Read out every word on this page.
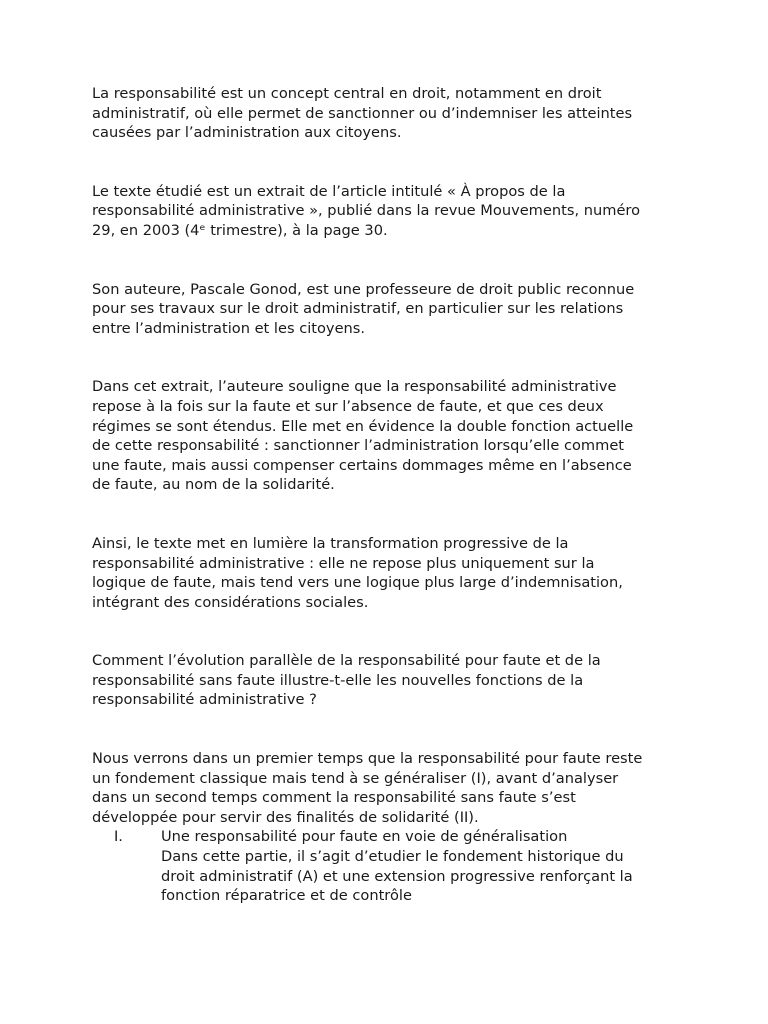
La responsabilité est un concept central en droit, notamment en droit
administratif, où elle permet de sanctionner ou d’indemniser les atteintes
causées par l’administration aux citoyens.

Le texte étudié est un extrait de l’article intitulé « À propos de la
responsabilité administrative », publié dans la revue Mouvements, numéro
29, en 2003 (4ᵉ trimestre), à la page 30.

Son auteure, Pascale Gonod, est une professeure de droit public reconnue
pour ses travaux sur le droit administratif, en particulier sur les relations
entre l’administration et les citoyens.

Dans cet extrait, l’auteure souligne que la responsabilité administrative
repose à la fois sur la faute et sur l’absence de faute, et que ces deux
régimes se sont étendus. Elle met en évidence la double fonction actuelle
de cette responsabilité : sanctionner l’administration lorsqu’elle commet
une faute, mais aussi compenser certains dommages même en l’absence
de faute, au nom de la solidarité.

Ainsi, le texte met en lumière la transformation progressive de la
responsabilité administrative : elle ne repose plus uniquement sur la
logique de faute, mais tend vers une logique plus large d’indemnisation,
intégrant des considérations sociales.

Comment l’évolution parallèle de la responsabilité pour faute et de la
responsabilité sans faute illustre-t-elle les nouvelles fonctions de la
responsabilité administrative ?

Nous verrons dans un premier temps que la responsabilité pour faute reste
un fondement classique mais tend à se généraliser (I), avant d’analyser
dans un second temps comment la responsabilité sans faute s’est
développée pour servir des finalités de solidarité (II).

I.	Une responsabilité pour faute en voie de généralisation
Dans cette partie, il s’agit d’etudier le fondement historique du
droit administratif (A) et une extension progressive renforçant la
fonction réparatrice et de contrôle
